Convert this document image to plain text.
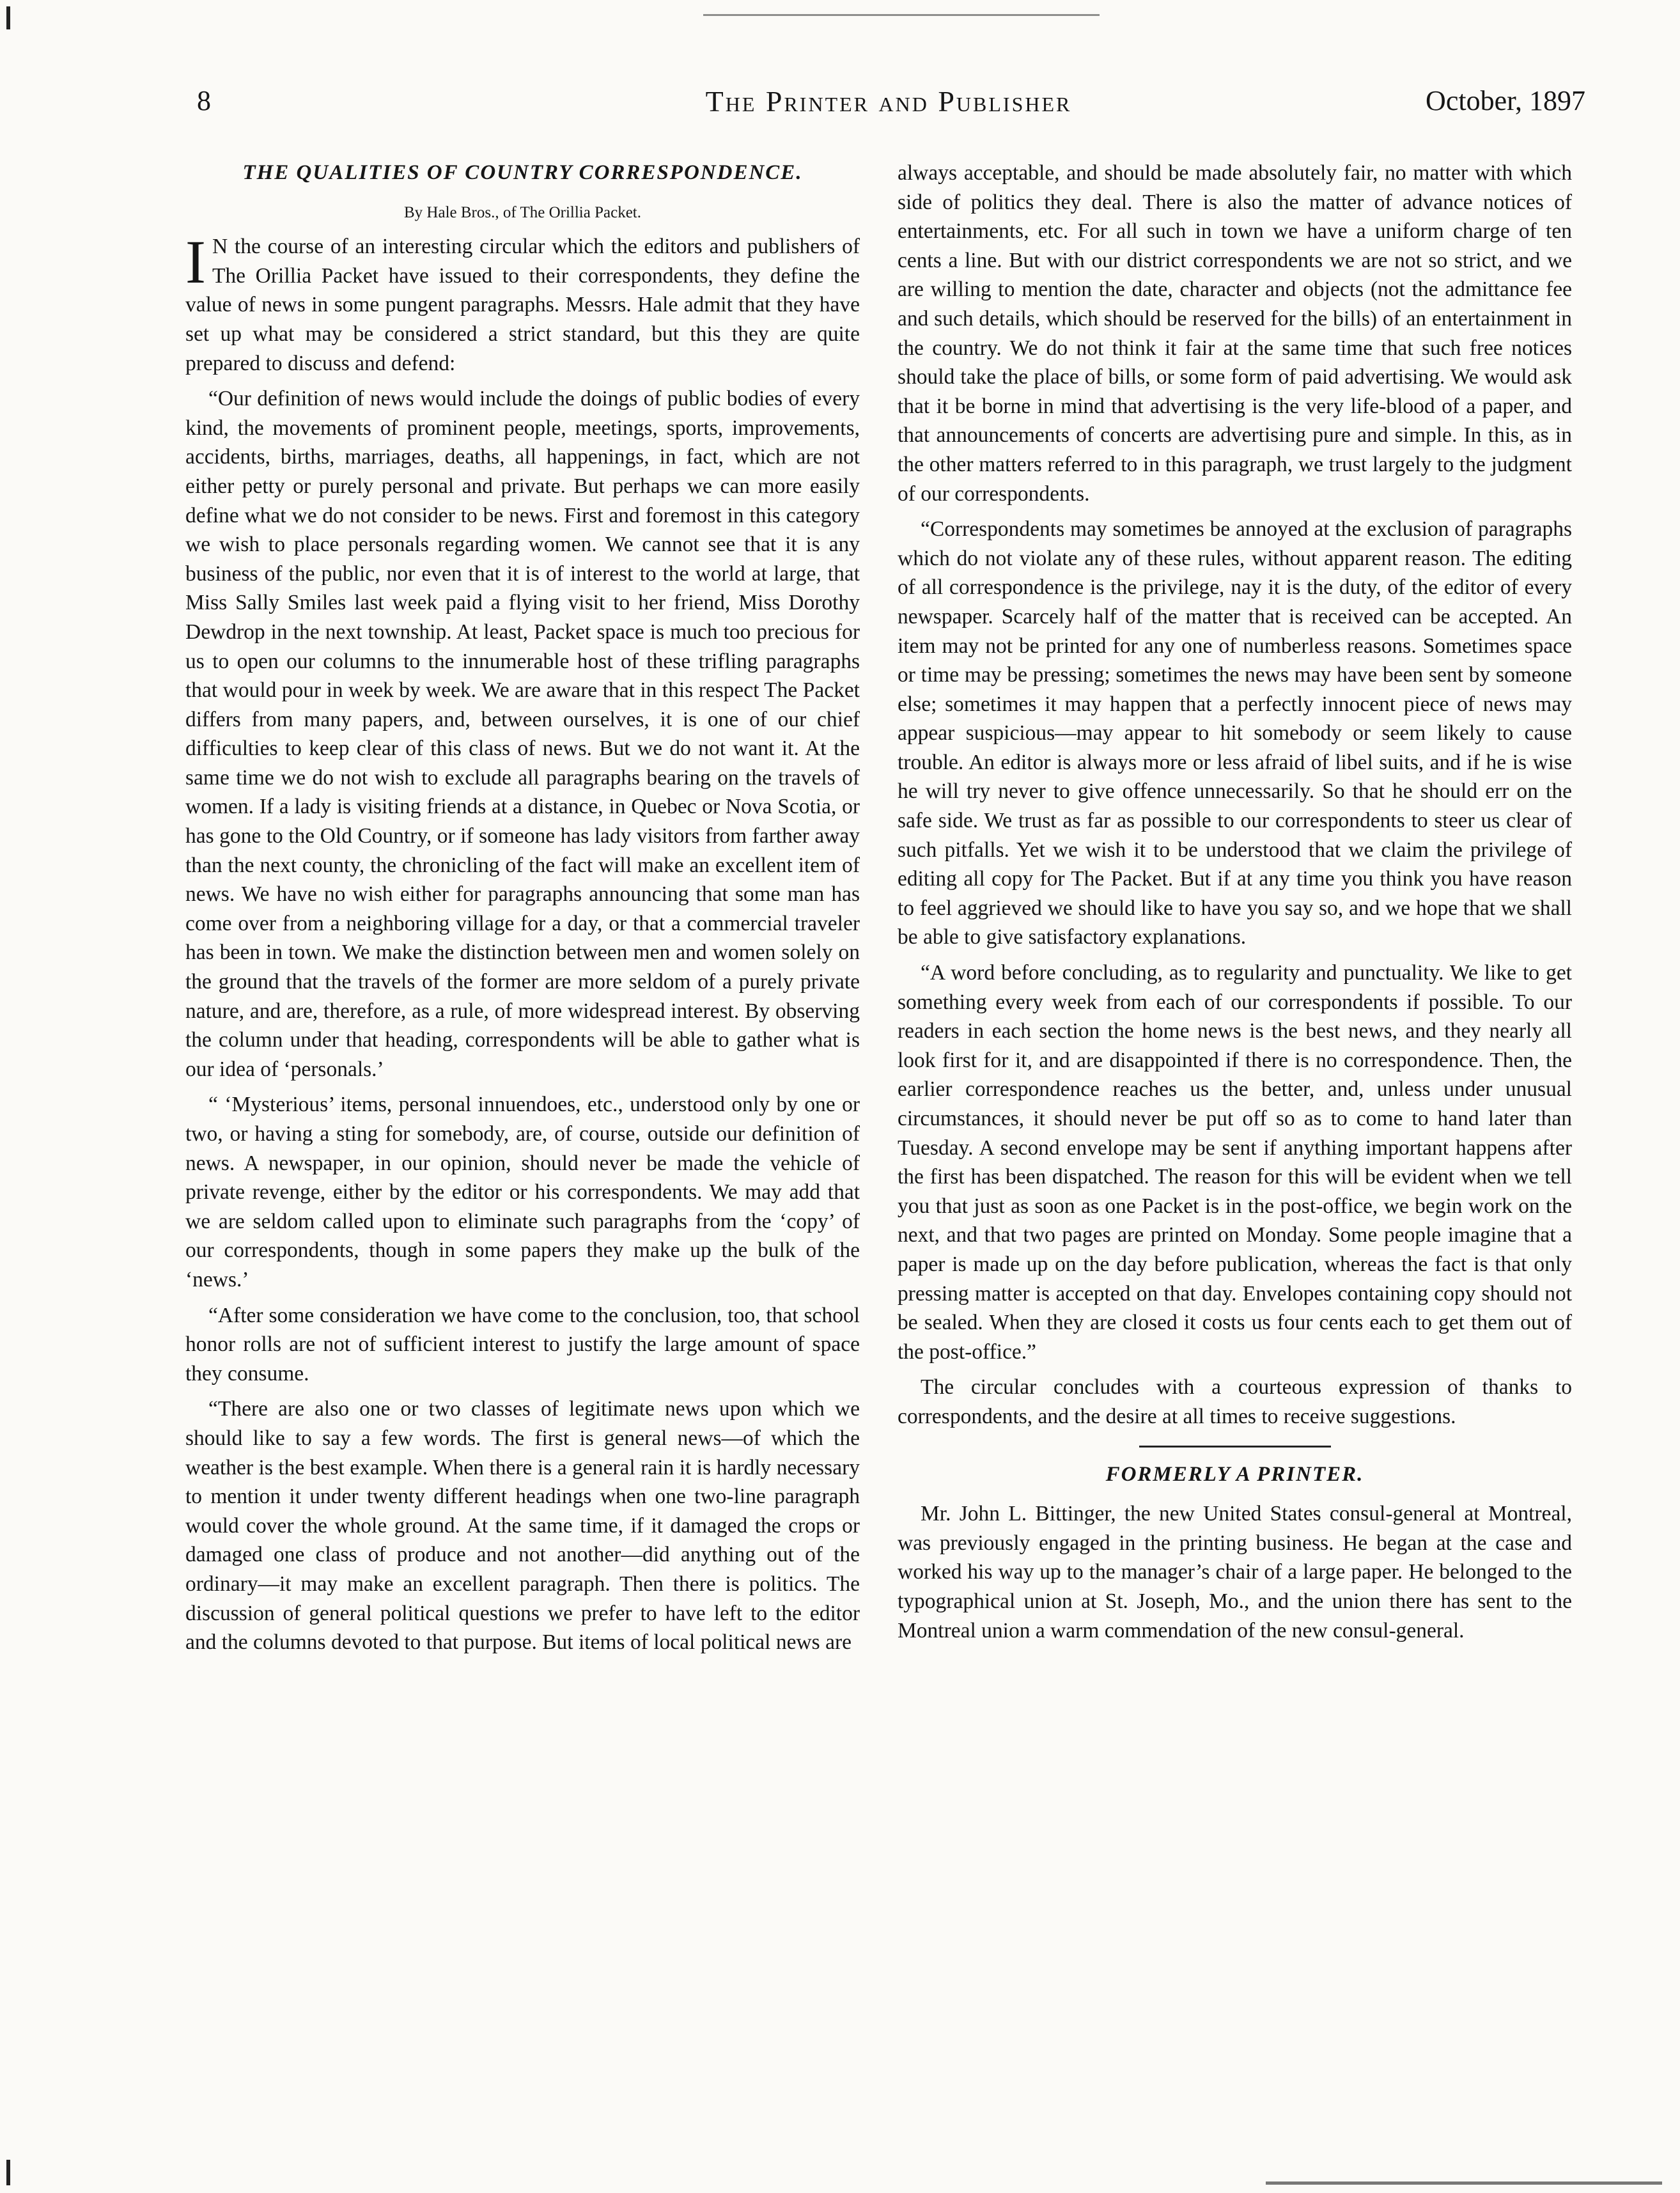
8	The Printer and Publisher	October, 1897
THE QUALITIES OF COUNTRY CORRESPONDENCE.
By Hale Bros., of The Orillia Packet.

I N the course of an interesting circular which the editors and publishers of The Orillia Packet have issued to their correspondents, they define the value of news in some pungent paragraphs. Messrs. Hale admit that they have set up what may be considered a strict standard, but this they are quite prepared to discuss and defend:

“Our definition of news would include the doings of public bodies of every kind, the movements of prominent people, meetings, sports, improvements, accidents, births, marriages, deaths, all happenings, in fact, which are not either petty or purely personal and private. But perhaps we can more easily define what we do not consider to be news. First and foremost in this category we wish to place personals regarding women. We cannot see that it is any business of the public, nor even that it is of interest to the world at large, that Miss Sally Smiles last week paid a flying visit to her friend, Miss Dorothy Dewdrop in the next township. At least, Packet space is much too precious for us to open our columns to the innumerable host of these trifling paragraphs that would pour in week by week. We are aware that in this respect The Packet differs from many papers, and, between ourselves, it is one of our chief difficulties to keep clear of this class of news. But we do not want it. At the same time we do not wish to exclude all paragraphs bearing on the travels of women. If a lady is visiting friends at a distance, in Quebec or Nova Scotia, or has gone to the Old Country, or if someone has lady visitors from farther away than the next county, the chronicling of the fact will make an excellent item of news. We have no wish either for paragraphs announcing that some man has come over from a neighboring village for a day, or that a commercial traveler has been in town. We make the distinction between men and women solely on the ground that the travels of the former are more seldom of a purely private nature, and are, therefore, as a rule, of more widespread interest. By observing the column under that heading, correspondents will be able to gather what is our idea of ‘personals.’

“ ‘Mysterious’ items, personal innuendoes, etc., understood only by one or two, or having a sting for somebody, are, of course, outside our definition of news. A newspaper, in our opinion, should never be made the vehicle of private revenge, either by the editor or his correspondents. We may add that we are seldom called upon to eliminate such paragraphs from the ‘copy’ of our correspondents, though in some papers they make up the bulk of the ‘news.’

“After some consideration we have come to the conclusion, too, that school honor rolls are not of sufficient interest to justify the large amount of space they consume.

“There are also one or two classes of legitimate news upon which we should like to say a few words. The first is general news—of which the weather is the best example. When there is a general rain it is hardly necessary to mention it under twenty different headings when one two-line paragraph would cover the whole ground. At the same time, if it damaged the crops or damaged one class of produce and not another—did anything out of the ordinary—it may make an excellent paragraph. Then there is politics. The discussion of general political questions we prefer to have left to the editor and the columns devoted to that purpose. But items of local political news are

always acceptable, and should be made absolutely fair, no matter with which side of politics they deal. There is also the matter of advance notices of entertainments, etc. For all such in town we have a uniform charge of ten cents a line. But with our district correspondents we are not so strict, and we are willing to mention the date, character and objects (not the admittance fee and such details, which should be reserved for the bills) of an entertainment in the country. We do not think it fair at the same time that such free notices should take the place of bills, or some form of paid advertising. We would ask that it be borne in mind that advertising is the very life-blood of a paper, and that announcements of concerts are advertising pure and simple. In this, as in the other matters referred to in this paragraph, we trust largely to the judgment of our correspondents.

“Correspondents may sometimes be annoyed at the exclusion of paragraphs which do not violate any of these rules, without apparent reason. The editing of all correspondence is the privilege, nay it is the duty, of the editor of every newspaper. Scarcely half of the matter that is received can be accepted. An item may not be printed for any one of numberless reasons. Sometimes space or time may be pressing; sometimes the news may have been sent by someone else; sometimes it may happen that a perfectly innocent piece of news may appear suspicious—may appear to hit somebody or seem likely to cause trouble. An editor is always more or less afraid of libel suits, and if he is wise he will try never to give offence unnecessarily. So that he should err on the safe side. We trust as far as possible to our correspondents to steer us clear of such pitfalls. Yet we wish it to be understood that we claim the privilege of editing all copy for The Packet. But if at any time you think you have reason to feel aggrieved we should like to have you say so, and we hope that we shall be able to give satisfactory explanations.

“A word before concluding, as to regularity and punctuality. We like to get something every week from each of our correspondents if possible. To our readers in each section the home news is the best news, and they nearly all look first for it, and are disappointed if there is no correspondence. Then, the earlier correspondence reaches us the better, and, unless under unusual circumstances, it should never be put off so as to come to hand later than Tuesday. A second envelope may be sent if anything important happens after the first has been dispatched. The reason for this will be evident when we tell you that just as soon as one Packet is in the post-office, we begin work on the next, and that two pages are printed on Monday. Some people imagine that a paper is made up on the day before publication, whereas the fact is that only pressing matter is accepted on that day. Envelopes containing copy should not be sealed. When they are closed it costs us four cents each to get them out of the post-office.”

The circular concludes with a courteous expression of thanks to correspondents, and the desire at all times to receive suggestions.

FORMERLY A PRINTER.

Mr. John L. Bittinger, the new United States consul-general at Montreal, was previously engaged in the printing business. He began at the case and worked his way up to the manager’s chair of a large paper. He belonged to the typographical union at St. Joseph, Mo., and the union there has sent to the Montreal union a warm commendation of the new consul-general.
